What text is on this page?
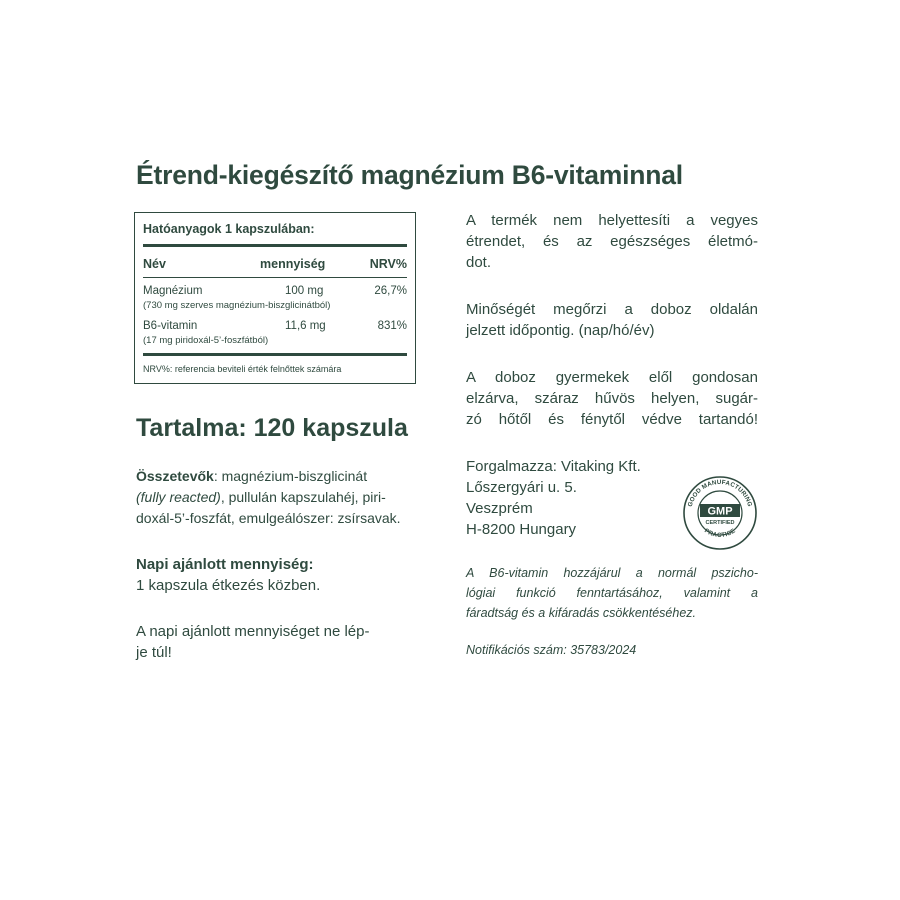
Étrend-kiegészítő magnézium B6-vitaminnal
Hatóanyagok 1 kapszulában:
Név	mennyiség	NRV%
Magnézium	100 mg	26,7%
(730 mg szerves magnézium-biszglicinátból)
B6-vitamin	11,6 mg	831%
(17 mg piridoxál-5’-foszfátból)
NRV%: referencia beviteli érték felnőttek számára
Tartalma: 120 kapszula
Összetevők: magnézium-biszglicinát
(fully reacted), pullulán kapszulahéj, piri-
doxál-5’-foszfát, emulgeálószer: zsírsavak.
Napi ajánlott mennyiség:
1 kapszula étkezés közben.
A napi ajánlott mennyiséget ne lép-
je túl!
A termék nem helyettesíti a vegyes
étrendet, és az egészséges életmó-
dot.
Minőségét megőrzi a doboz oldalán
jelzett időpontig. (nap/hó/év)
A doboz gyermekek elől gondosan
elzárva, száraz hűvös helyen, sugár-
zó hőtől és fénytől védve tartandó!
Forgalmazza: Vitaking Kft.
Lőszergyári u. 5.
Veszprém
H-8200 Hungary
GOOD MANUFACTURING
PRACTICE
GMP
CERTIFIED
A B6-vitamin hozzájárul a normál pszicho-
lógiai funkció fenntartásához, valamint a
fáradtság és a kifáradás csökkentéséhez.
Notifikációs szám: 35783/2024
